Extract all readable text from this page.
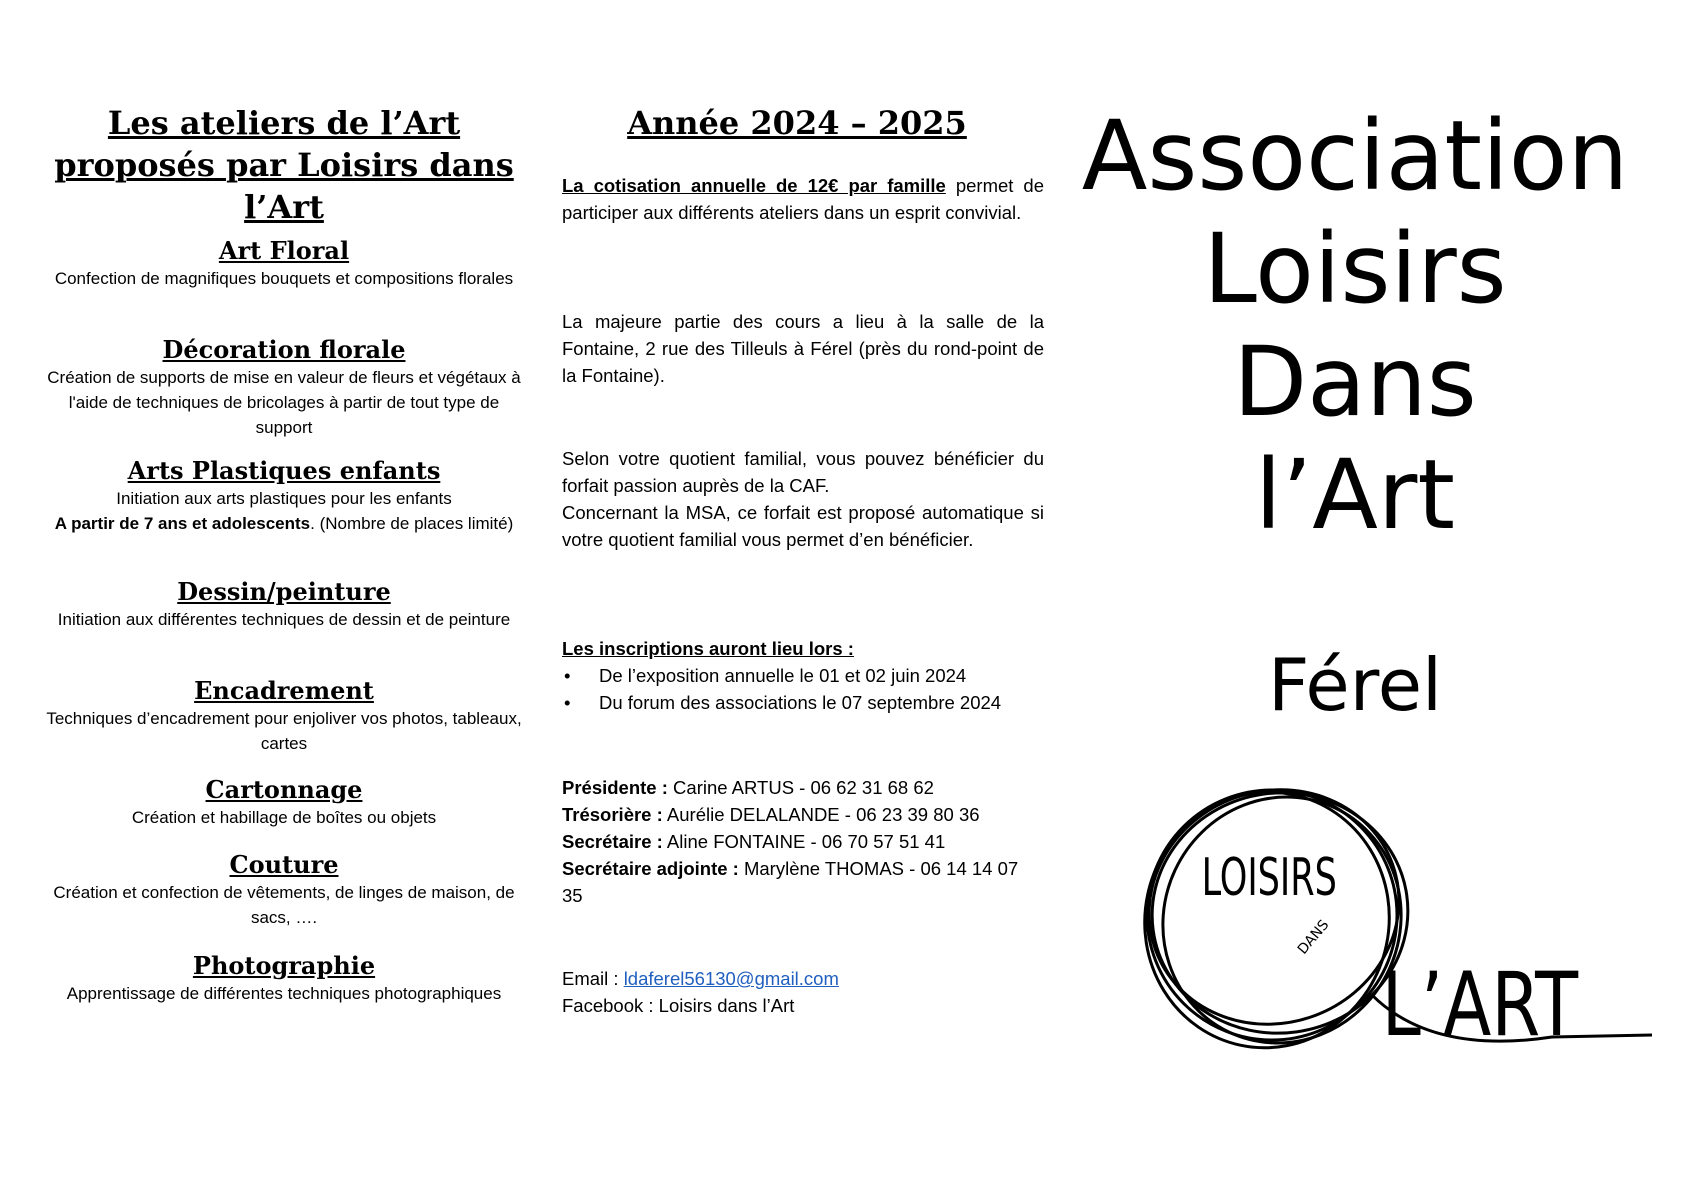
Les ateliers de l’Art proposés par Loisirs dans l’Art
Art Floral

Confection de magnifiques bouquets et compositions florales

Décoration florale

Création de supports de mise en valeur de fleurs et végétaux à l'aide de techniques de bricolages à partir de tout type de support

Arts Plastiques enfants

Initiation aux arts plastiques pour les enfants
A partir de 7 ans et adolescents. (Nombre de places limité)

Dessin/peinture

Initiation aux différentes techniques de dessin et de peinture

Encadrement

Techniques d’encadrement pour enjoliver vos photos, tableaux, cartes

Cartonnage

Création et habillage de boîtes ou objets

Couture

Création et confection de vêtements, de linges de maison, de sacs, ….

Photographie

Apprentissage de différentes techniques photographiques

Année 2024 – 2025

La cotisation annuelle de 12€ par famille permet de participer aux différents ateliers dans un esprit convivial.

La majeure partie des cours a lieu à la salle de la Fontaine, 2 rue des Tilleuls à Férel (près du rond-point de la Fontaine).

Selon votre quotient familial, vous pouvez bénéficier du forfait passion auprès de la CAF.
Concernant la MSA, ce forfait est proposé automatique si votre quotient familial vous permet d’en bénéficier.
Les inscriptions auront lieu lors :
• De l’exposition annuelle le 01 et 02 juin 2024
• Du forum des associations le 07 septembre 2024
Présidente : Carine ARTUS - 06 62 31 68 62
Trésorière : Aurélie DELALANDE - 06 23 39 80 36
Secrétaire : Aline FONTAINE - 06 70 57 51 41
Secrétaire adjointe : Marylène THOMAS - 06 14 14 07 35
Email : ldaferel56130@gmail.com
Facebook : Loisirs dans l’Art
Association
Loisirs
Dans
l’Art
Férel
LOISIRS
DANS
L’ART
